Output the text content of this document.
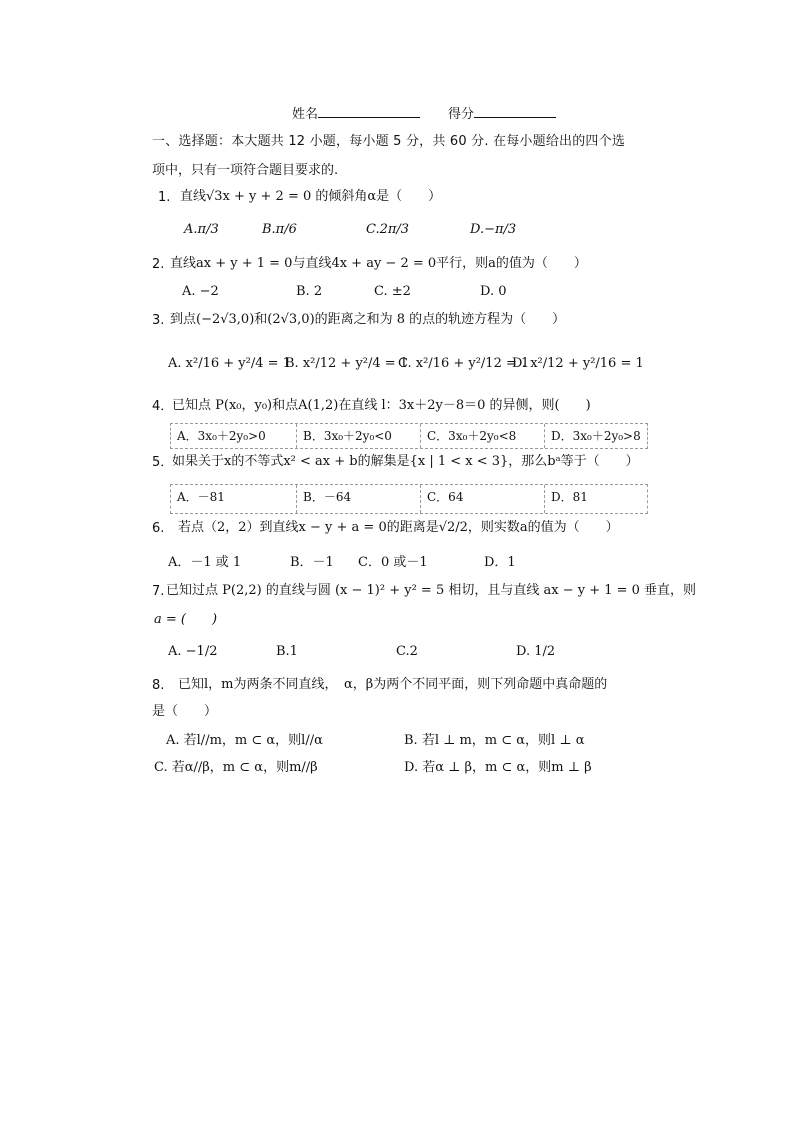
姓名	得分
一、选择题：本大题共 12 小题，每小题 5 分，共 60 分. 在每小题给出的四个选
项中，只有一项符合题目要求的.
1. 直线√3x + y + 2 = 0 的倾斜角α是（　　）
A.π/3	B.π/6	C.2π/3	D.−π/3
2. 直线ax + y + 1 = 0与直线4x + ay − 2 = 0平行，则a的值为（　　）
A. −2	B. 2	C. ±2	D. 0
3. 到点(−2√3,0)和(2√3,0)的距离之和为 8 的点的轨迹方程为（　　）
A. x²/16 + y²/4 = 1
B. x²/12 + y²/4 = 1
C. x²/16 + y²/12 = 1
D. x²/12 + y²/16 = 1
4．
已知点 P(x₀，y₀)和点A(1,2)在直线 l：3x＋2y－8＝0 的异侧，则(　　)
A．3x₀＋2y₀>0	B．3x₀＋2y₀<0	C．3x₀＋2y₀<8	D．3x₀＋2y₀>8
5．
如果关于x的不等式x² < ax + b的解集是{x | 1 < x < 3}，那么bᵃ等于（　　）
A．－81	B．－64	C．64	D．81
6. 若点（2，2）到直线x − y + a = 0的距离是√2/2，则实数a的值为（　　）
A．－1 或 1	B．－1 C．0 或－1	D．1
7. 已知过点 P(2,2) 的直线与圆 (x − 1)² + y² = 5 相切，且与直线 ax − y + 1 = 0 垂直，则
a = (　　)
A. −1/2	B.1	C.2	D. 1/2
8. 已知l，m为两条不同直线，　α，β为两个不同平面，则下列命题中真命题的
是（　　）
A. 若l//m，m ⊂ α，则l//α	B. 若l ⊥ m，m ⊂ α，则l ⊥ α
C. 若α//β，m ⊂ α，则m//β	D. 若α ⊥ β，m ⊂ α，则m ⊥ β
